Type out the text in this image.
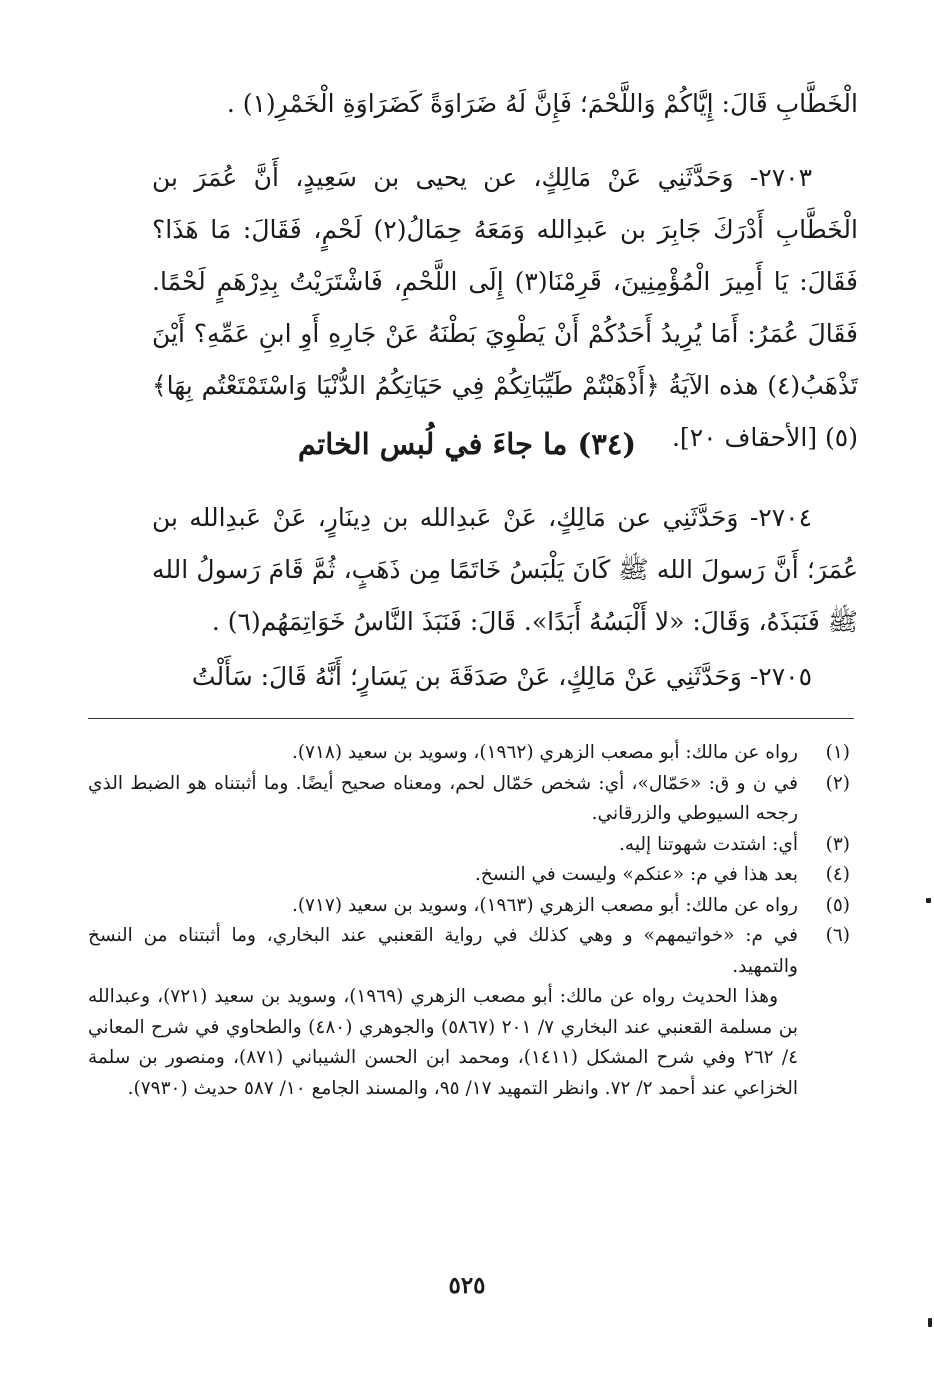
الْخَطَّابِ قَالَ: إِيَّاكُمْ وَاللَّحْمَ؛ فَإِنَّ لَهُ ضَرَاوَةً كَضَرَاوَةِ الْخَمْرِ(١) .
٢٧٠٣- وَحَدَّثَنِي عَنْ مَالِكٍ، عن يحيى بن سَعِيدٍ، أَنَّ عُمَرَ بن الْخَطَّابِ أَدْرَكَ جَابِرَ بن عَبدِالله وَمَعَهُ حِمَالُ(٢) لَحْمٍ، فَقَالَ: مَا هَذَا؟ فَقَالَ: يَا أَمِيرَ الْمُؤْمِنِينَ، قَرِمْنَا(٣) إِلَى اللَّحْمِ، فَاشْتَرَيْتُ بِدِرْهَمٍ لَحْمًا. فَقَالَ عُمَرُ: أَمَا يُرِيدُ أَحَدُكُمْ أَنْ يَطْوِيَ بَطْنَهُ عَنْ جَارِهِ أَوِ ابنِ عَمِّهِ؟ أَيْنَ تَذْهَبُ(٤) هذه الآيَةُ ﴿أَذْهَبْتُمْ طَيِّبَاتِكُمْ فِي حَيَاتِكُمُ الدُّنْيَا وَاسْتَمْتَعْتُم بِهَا﴾(٥) [الأحقاف ٢٠].
(٣٤) ما جاءَ في لُبس الخاتم
٢٧٠٤- وَحَدَّثَنِي عن مَالِكٍ، عَنْ عَبدِالله بن دِينَارٍ، عَنْ عَبدِالله بن عُمَرَ؛ أَنَّ رَسولَ الله ﷺ كَانَ يَلْبَسُ خَاتَمًا مِن ذَهَبٍ، ثُمَّ قَامَ رَسولُ الله ﷺ فَنَبَذَهُ، وَقَالَ: «لا أَلْبَسُهُ أَبَدًا». قَالَ: فَنَبَذَ النَّاسُ خَوَاتِمَهُم(٦) .
٢٧٠٥- وَحَدَّثَنِي عَنْ مَالِكٍ، عَنْ صَدَقَةَ بن يَسَارٍ؛ أَنَّهُ قَالَ: سَأَلْتُ
(١)
رواه عن مالك: أبو مصعب الزهري (١٩٦٢)، وسويد بن سعيد (٧١٨).
(٢)
في ن و ق: «حَمّال»، أي: شخص حَمّال لحم، ومعناه صحيح أيضًا. وما أثبتناه هو الضبط الذي رجحه السيوطي والزرقاني.
(٣)
أي: اشتدت شهوتنا إليه.
(٤)
بعد هذا في م: «عنكم» وليست في النسخ.
(٥)
رواه عن مالك: أبو مصعب الزهري (١٩٦٣)، وسويد بن سعيد (٧١٧).
(٦)
في م: «خواتيمهم» و وهي كذلك في رواية القعنبي عند البخاري، وما أثبتناه من النسخ والتمهيد.
وهذا الحديث رواه عن مالك: أبو مصعب الزهري (١٩٦٩)، وسويد بن سعيد (٧٢١)، وعبدالله بن مسلمة القعنبي عند البخاري ٧/ ٢٠١ (٥٨٦٧) والجوهري (٤٨٠) والطحاوي في شرح المعاني ٤/ ٢٦٢ وفي شرح المشكل (١٤١١)، ومحمد ابن الحسن الشيباني (٨٧١)، ومنصور بن سلمة الخزاعي عند أحمد ٢/ ٧٢. وانظر التمهيد ١٧/ ٩٥، والمسند الجامع ١٠/ ٥٨٧ حديث (٧٩٣٠).
٥٢٥
